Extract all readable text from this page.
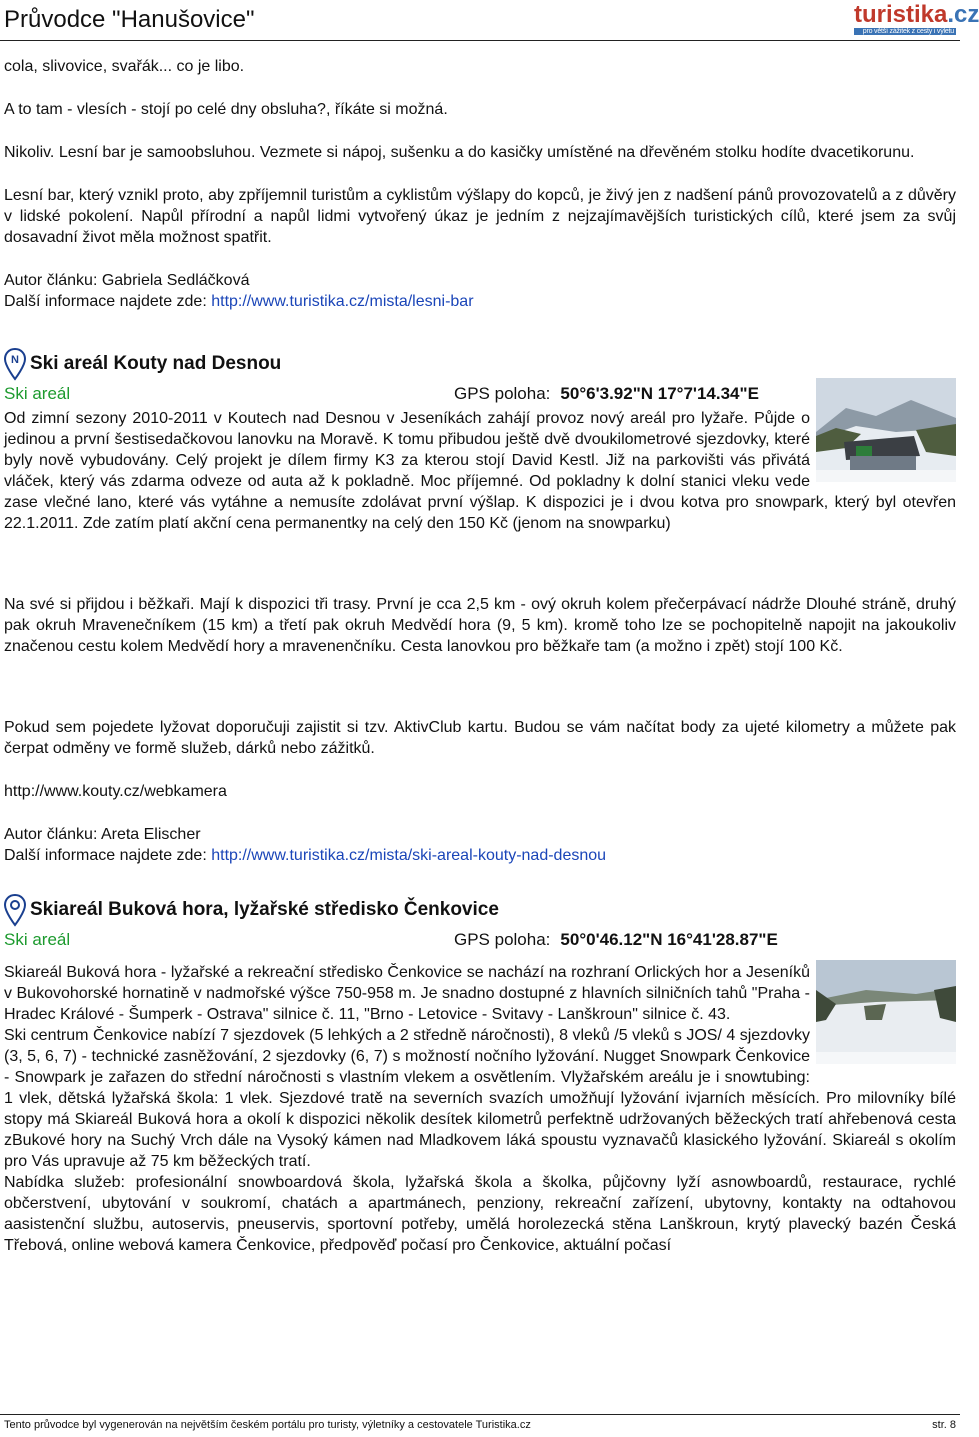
Průvodce "Hanušovice"	turistika.cz
pro větší zážitek z cesty i výletu

cola, slivovice, svařák... co je libo.

A to tam - vlesích - stojí po celé dny obsluha?, říkáte si možná.

Nikoliv. Lesní bar je samoobsluhou. Vezmete si nápoj, sušenku a do kasičky umístěné na dřevěném stolku hodíte dvacetikorunu.

Lesní bar, který vznikl proto, aby zpříjemnil turistům a cyklistům výšlapy do kopců, je živý jen z nadšení pánů provozovatelů a z důvěry v lidské pokolení. Napůl přírodní a napůl lidmi vytvořený úkaz je jedním z nejzajímavějších turistických cílů, které jsem za svůj dosavadní život měla možnost spatřit.

Autor článku: Gabriela Sedláčková
Další informace najdete zde: http://www.turistika.cz/mista/lesni-bar
N Ski areál Kouty nad Desnou
Ski areál	GPS poloha: 50°6'3.92"N 17°7'14.34"E

Od zimní sezony 2010-2011 v Koutech nad Desnou v Jeseníkách zahájí provoz nový areál pro lyžaře. Půjde o jedinou a první šestisedačkovou lanovku na Moravě. K tomu přibudou ještě dvě dvoukilometrové sjezdovky, které byly nově vybudovány. Celý projekt je dílem firmy K3 za kterou stojí David Kestl. Již na parkovišti vás přivátá vláček, který vás zdarma odveze od auta až k pokladně. Moc příjemné. Od pokladny k dolní stanici vleku vede zase vlečné lano, které vás vytáhne a nemusíte zdolávat první výšlap. K dispozici je i dvou kotva pro snowpark, který byl otevřen 22.1.2011. Zde zatím platí akční cena permanentky na celý den 150 Kč (jenom na snowparku)

Na své si přijdou i běžkaři. Mají k dispozici tři trasy. První je cca 2,5 km - ový okruh kolem přečerpávací nádrže Dlouhé stráně, druhý pak okruh Mravenečníkem (15 km) a třetí pak okruh Medvědí hora (9, 5 km). kromě toho lze se pochopitelně napojit na jakoukoliv značenou cestu kolem Medvědí hory a mravenenčníku. Cesta lanovkou pro běžkaře tam (a možno i zpět) stojí 100 Kč.

Pokud sem pojedete lyžovat doporučuji zajistit si tzv. AktivClub kartu. Budou se vám načítat body za ujeté kilometry a můžete pak čerpat odměny ve formě služeb, dárků nebo zážitků.

http://www.kouty.cz/webkamera

Autor článku: Areta Elischer
Další informace najdete zde: http://www.turistika.cz/mista/ski-areal-kouty-nad-desnou
Skiareál Buková hora, lyžařské středisko Čenkovice
Ski areál	GPS poloha: 50°0'46.12"N 16°41'28.87"E

Skiareál Buková hora - lyžařské a rekreační středisko Čenkovice se nachází na rozhraní Orlických hor a Jeseníků v Bukovohorské hornatině v nadmořské výšce 750-958 m. Je snadno dostupné z hlavních silničních tahů "Praha - Hradec Králové - Šumperk - Ostrava" silnice č. 11, "Brno - Letovice - Svitavy - Lanškroun" silnice č. 43.

Ski centrum Čenkovice nabízí 7 sjezdovek (5 lehkých a 2 středně náročnosti), 8 vleků /5 vleků s JOS/ 4 sjezdovky (3, 5, 6, 7) - technické zasněžování, 2 sjezdovky (6, 7) s možností nočního lyžování. Nugget Snowpark Čenkovice - Snowpark je zařazen do střední náročnosti s vlastním vlekem a osvětlením. Vlyžařském areálu je i snowtubing: 1 vlek, dětská lyžařská škola: 1 vlek. Sjezdové tratě na severních svazích umožňují lyžování ivjarních měsících. Pro milovníky bílé stopy má Skiareál Buková hora a okolí k dispozici několik desítek kilometrů perfektně udržovaných běžeckých tratí ahřebenová cesta zBukové hory na Suchý Vrch dále na Vysoký kámen nad Mladkovem láká spoustu vyznavačů klasického lyžování. Skiareál s okolím pro Vás upravuje až 75 km běžeckých tratí.

Nabídka služeb: profesionální snowboardová škola, lyžařská škola a školka, půjčovny lyží asnowboardů, restaurace, rychlé občerstvení, ubytování v soukromí, chatách a apartmánech, penziony, rekreační zařízení, ubytovny, kontakty na odtahovou aasistenční službu, autoservis, pneuservis, sportovní potřeby, umělá horolezecká stěna Lanškroun, krytý plavecký bazén Česká Třebová, online webová kamera Čenkovice, předpověď počasí pro Čenkovice, aktuální počasí

Tento průvodce byl vygenerován na největším českém portálu pro turisty, výletníky a cestovatele Turistika.cz	str. 8
